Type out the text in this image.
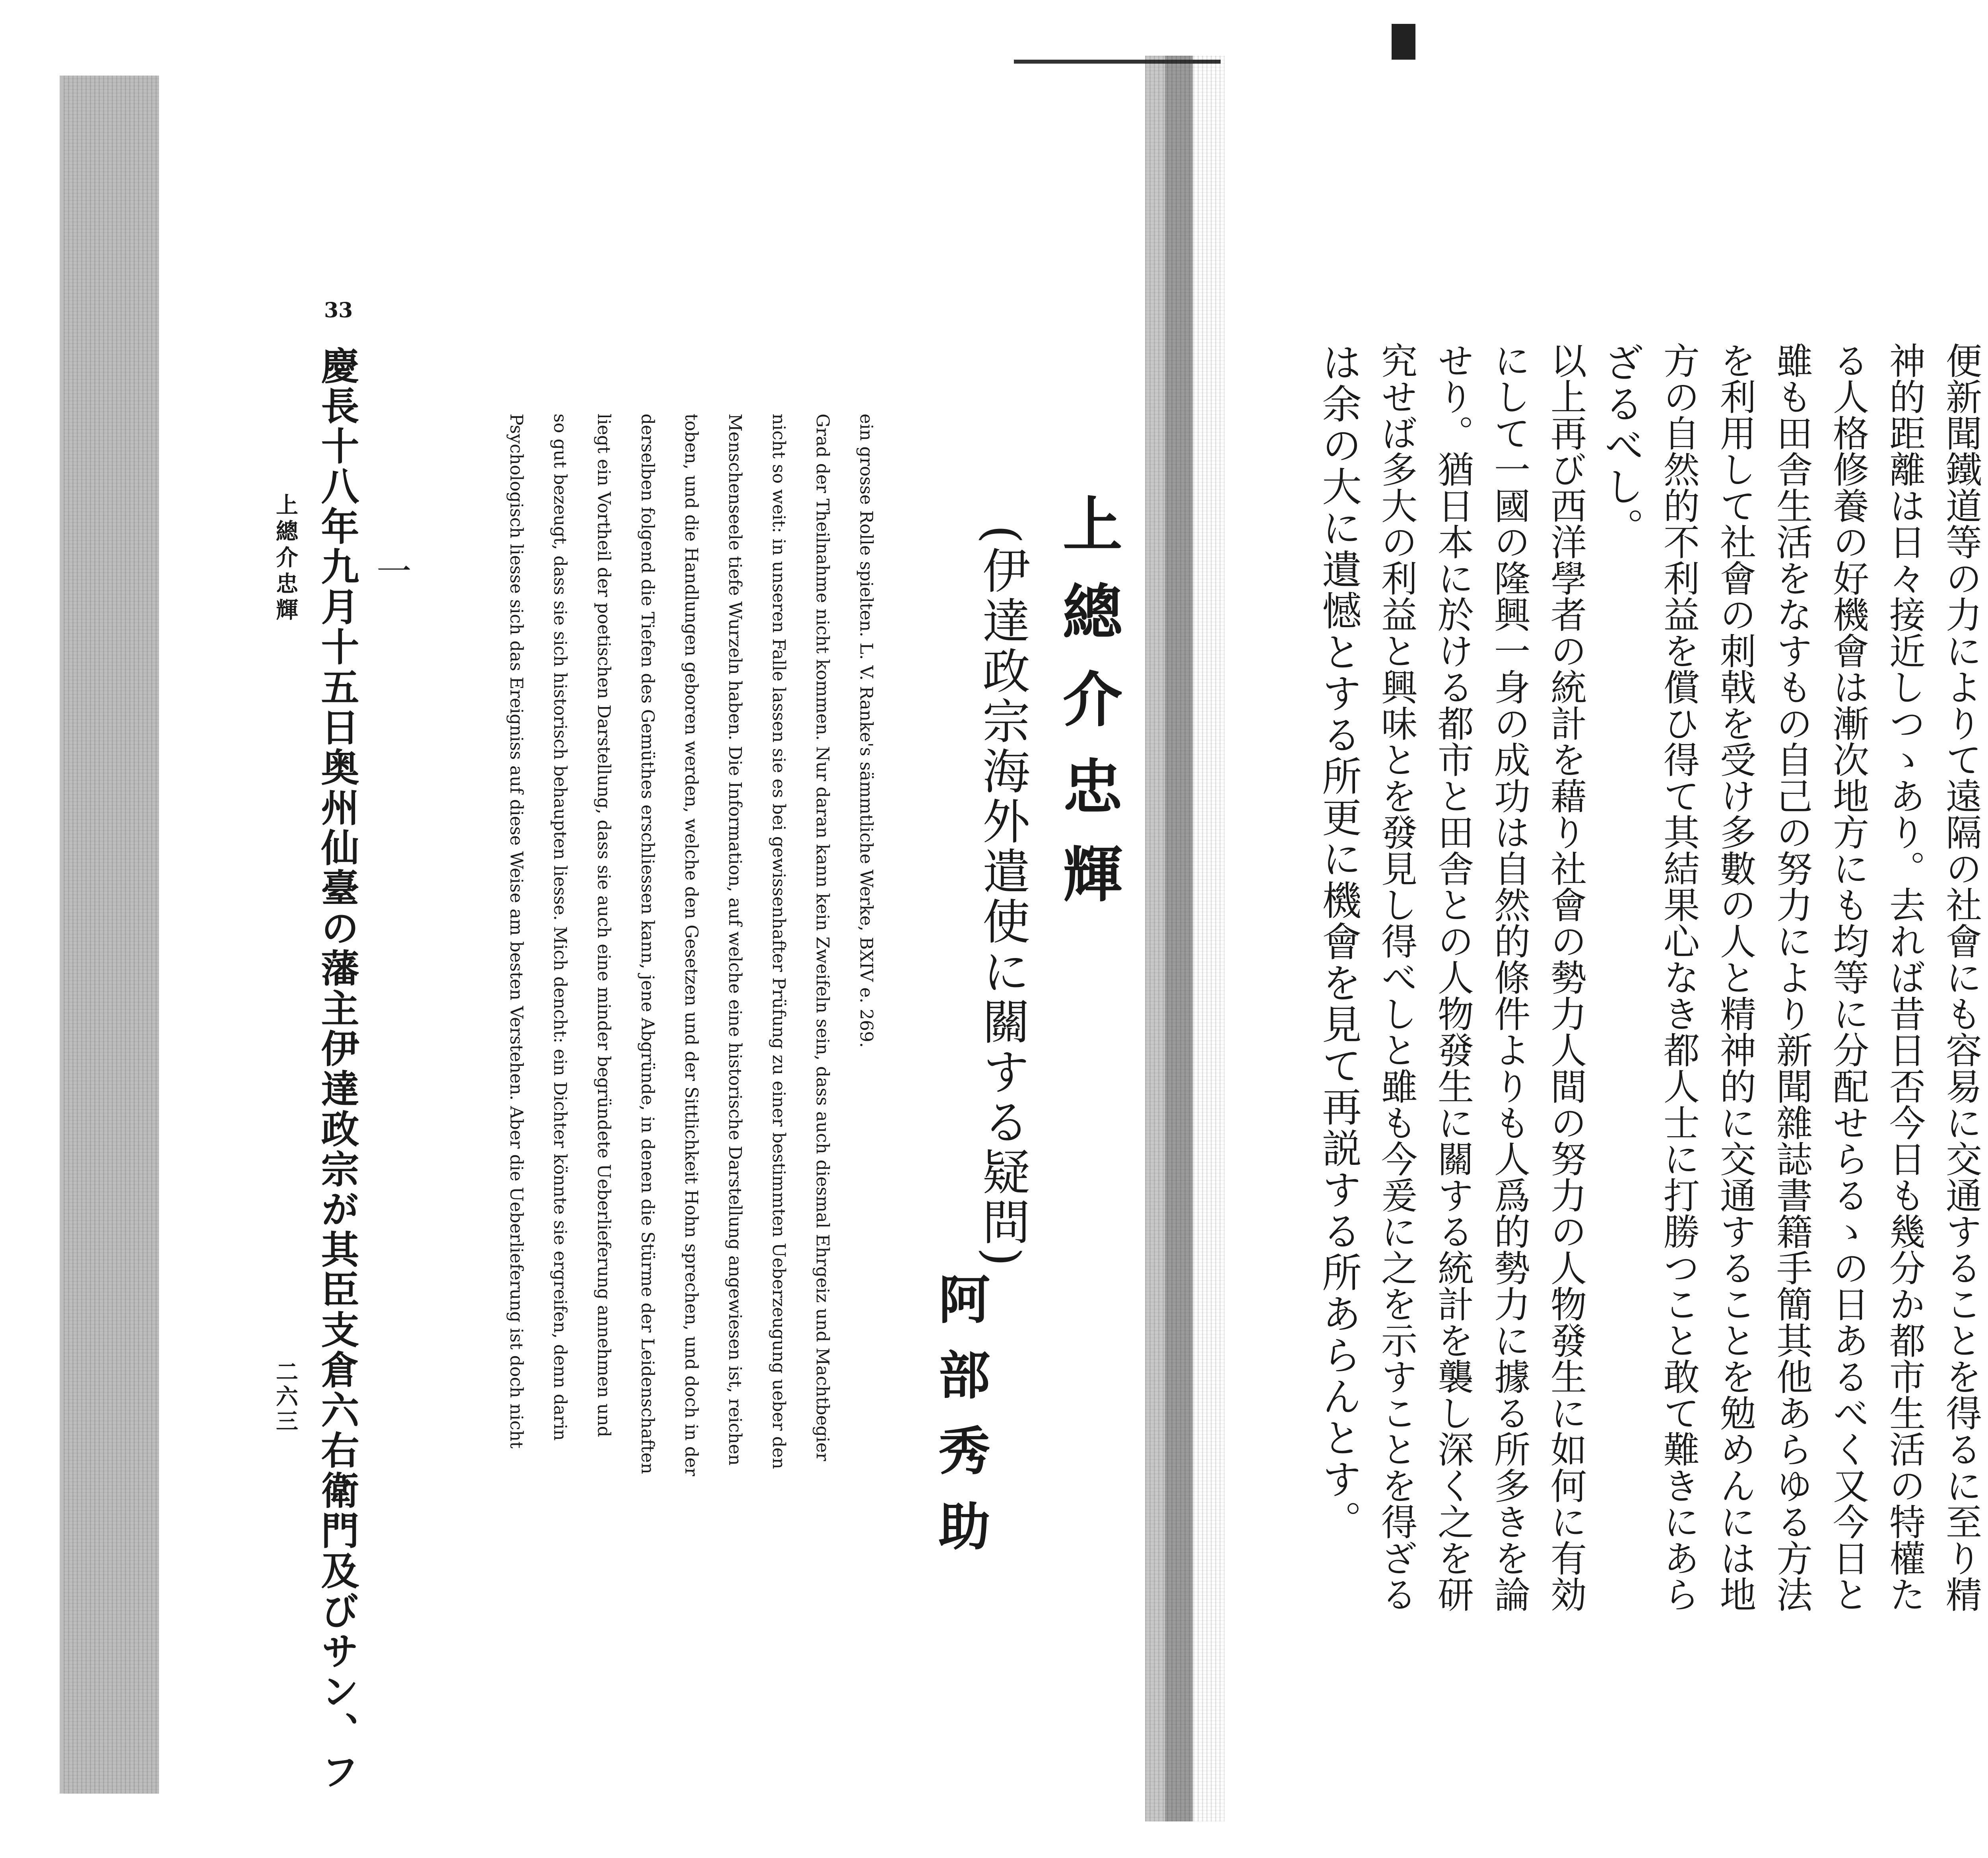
33
上總介忠輝
二六三 慶長十八年九月十五日奥州仙臺の藩主伊達政宗が其臣支倉六右衛門及びサン、フ 一	ein grosse Rolle spielten. L. V. Ranke's sämmtliche Werke, BXIV e. 269.
Grad der Theilnahme nicht kommen. Nur daran kann kein Zweifeln sein, dass auch diesmal Ehrgeiz und Machtbegier
nicht so weit: in unseren Falle lassen sie es bei gewissenhafter Prüfung zu einer bestimmten Ueberzeugung ueber den
Menschenseele tiefe Wurzeln haben. Die Information, auf welche eine historische Darstellung angewiesen ist, reichen
toben, und die Handlungen geboren werden, welche den Gesetzen und der Sittlichkeit Hohn sprechen, und doch in der
derselben folgend die Tiefen des Gemüthes erschliessen kann, jene Abgründe, in denen die Stürme der Leidenschaften
liegt ein Vortheil der poetischen Darstellung, dass sie auch eine minder begründete Ueberlieferung annehmen und
so gut bezeugt, dass sie sich historisch behaupten liesse. Mich dencht: ein Dichter könnte sie ergreifen, denn darin
Psychologisch liesse sich das Ereigniss auf diese Weise am besten Verstehen. Aber die Ueberlieferung ist doch nicht	(伊達政宗海外遣使に關する疑問) 上總介忠輝
阿部秀助	便新聞鐵道等の力によりて遠隔の社會にも容易に交通することを得るに至り精
神的距離は日々接近しつゝあり。去れば昔日否今日も幾分か都市生活の特權た
る人格修養の好機會は漸次地方にも均等に分配せらるゝの日あるべく又今日と
雖も田舎生活をなすもの自己の努力により新聞雜誌書籍手簡其他あらゆる方法
を利用して社會の刺戟を受け多數の人と精神的に交通することを勉めんには地
方の自然的不利益を償ひ得て其結果心なき都人士に打勝つこと敢て難きにあら
ざるべし。
以上再び西洋學者の統計を藉り社會の勢力人間の努力の人物發生に如何に有効
にして一國の隆興一身の成功は自然的條件よりも人爲的勢力に據る所多きを論
せり。猶日本に於ける都市と田舎との人物發生に關する統計を襲し深く之を研
究せば多大の利益と興味とを發見し得べしと雖も今爰に之を示すことを得ざる
は余の大に遺憾とする所更に機會を見て再説する所あらんとす。
